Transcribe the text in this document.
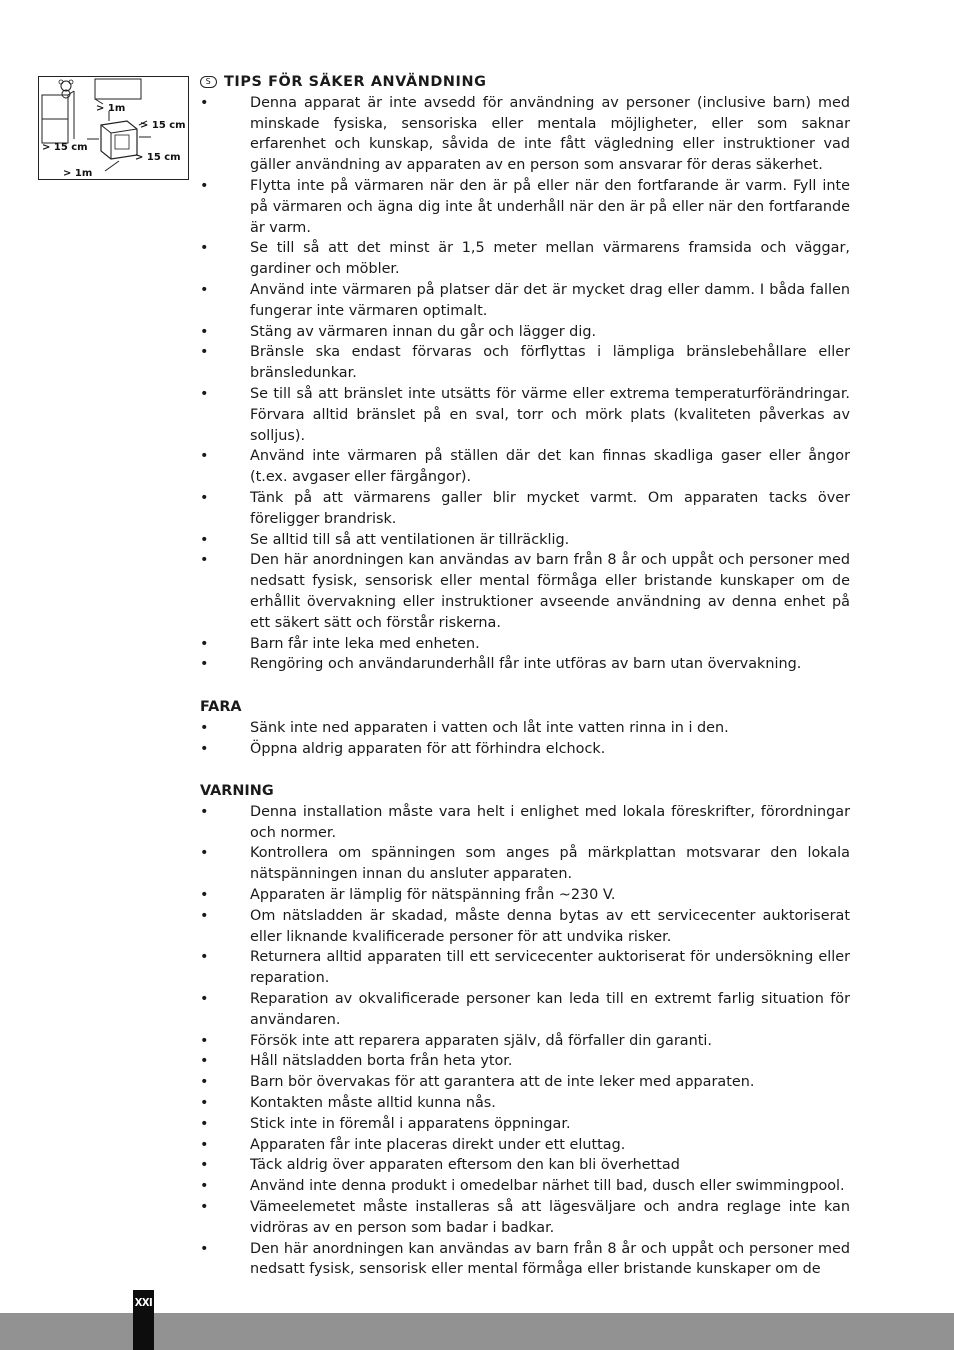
> 1m
> 15 cm
> 15 cm
> 15 cm
> 1m
S TIPS FÖR SÄKER ANVÄNDNING
• Denna apparat är inte avsedd för användning av personer (inclusive barn) med minskade fysiska, sensoriska eller mentala möjligheter, eller som saknar erfarenhet och kunskap, såvida de inte fått vägledning eller instruktioner vad gäller användning av apparaten av en person som ansvarar för deras säkerhet.
• Flytta inte på värmaren när den är på eller när den fortfarande är varm. Fyll inte på värmaren och ägna dig inte åt underhåll när den är på eller när den fortfarande är varm.
• Se till så att det minst är 1,5 meter mellan värmarens framsida och väggar, gardiner och möbler.
• Använd inte värmaren på platser där det är mycket drag eller damm. I båda fallen fungerar inte värmaren optimalt.
• Stäng av värmaren innan du går och lägger dig.
• Bränsle ska endast förvaras och förflyttas i lämpliga bränslebehållare eller bränsledunkar.
• Se till så att bränslet inte utsätts för värme eller extrema temperaturförändringar. Förvara alltid bränslet på en sval, torr och mörk plats (kvaliteten påverkas av solljus).
• Använd inte värmaren på ställen där det kan finnas skadliga gaser eller ångor (t.ex. avgaser eller färgångor).
• Tänk på att värmarens galler blir mycket varmt. Om apparaten tacks över föreligger brandrisk.
• Se alltid till så att ventilationen är tillräcklig.
• Den här anordningen kan användas av barn från 8 år och uppåt och personer med nedsatt fysisk, sensorisk eller mental förmåga eller bristande kunskaper om de erhållit övervakning eller instruktioner avseende användning av denna enhet på ett säkert sätt och förstår riskerna.
• Barn får inte leka med enheten.
• Rengöring och användarunderhåll får inte utföras av barn utan övervakning.
FARA
• Sänk inte ned apparaten i vatten och låt inte vatten rinna in i den.
• Öppna aldrig apparaten för att förhindra elchock.
VARNING
• Denna installation måste vara helt i enlighet med lokala föreskrifter, förordningar och normer.
• Kontrollera om spänningen som anges på märkplattan motsvarar den lokala nätspänningen innan du ansluter apparaten.
• Apparaten är lämplig för nätspänning från ~230 V.
• Om nätsladden är skadad, måste denna bytas av ett servicecenter auktoriserat eller liknande kvalificerade personer för att undvika risker.
• Returnera alltid apparaten till ett servicecenter auktoriserat för undersökning eller reparation.
• Reparation av okvalificerade personer kan leda till en extremt farlig situation för användaren.
• Försök inte att reparera apparaten själv, då förfaller din garanti.
• Håll nätsladden borta från heta ytor.
• Barn bör övervakas för att garantera att de inte leker med apparaten.
• Kontakten måste alltid kunna nås.
• Stick inte in föremål i apparatens öppningar.
• Apparaten får inte placeras direkt under ett eluttag.
• Täck aldrig över apparaten eftersom den kan bli överhettad
• Använd inte denna produkt i omedelbar närhet till bad, dusch eller swimmingpool.
• Vämeelemetet måste installeras så att lägesväljare och andra reglage inte kan vidröras av en person som badar i badkar.
• Den här anordningen kan användas av barn från 8 år och uppåt och personer med nedsatt fysisk, sensorisk eller mental förmåga eller bristande kunskaper om de
XXI
